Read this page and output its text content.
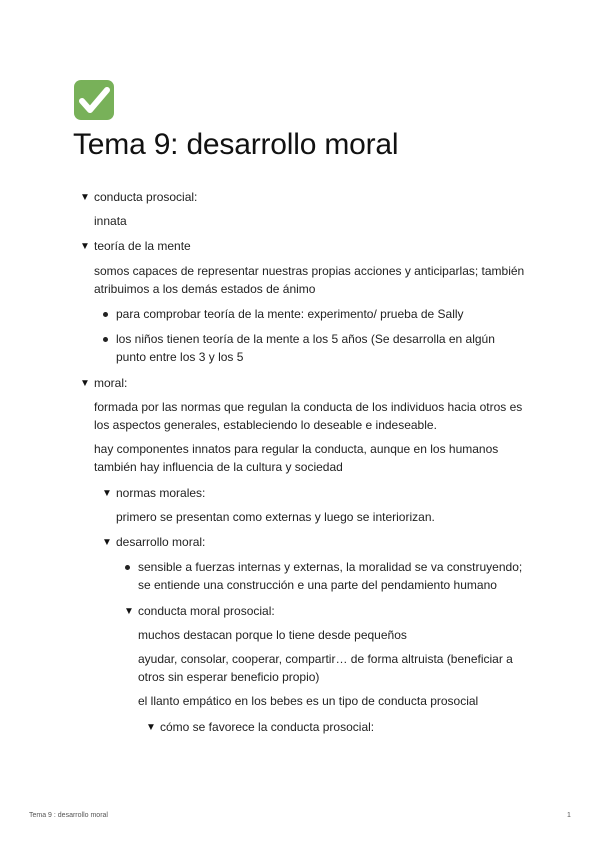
Tema 9: desarrollo moral
▼ conducta prosocial:

innata

▼ teoría de la mente

somos capaces de representar nuestras propias acciones y anticiparlas; también

atribuimos a los demás estados de ánimo

para comprobar teoría de la mente: experimento/ prueba de Sally

los niños tienen teoría de la mente a los 5 años (Se desarrolla en algún

punto entre los 3 y los 5

▼ moral:

formada por las normas que regulan la conducta de los individuos hacia otros es

los aspectos generales, estableciendo lo deseable e indeseable.

hay componentes innatos para regular la conducta, aunque en los humanos

también hay influencia de la cultura y sociedad

▼ normas morales:

primero se presentan como externas y luego se interiorizan.

▼ desarrollo moral:

sensible a fuerzas internas y externas, la moralidad se va construyendo;

se entiende una construcción e una parte del pendamiento humano

▼ conducta moral prosocial:

muchos destacan porque lo tiene desde pequeños

ayudar, consolar, cooperar, compartir… de forma altruista (beneficiar a

otros sin esperar beneficio propio)

el llanto empático en los bebes es un tipo de conducta prosocial

▼ cómo se favorece la conducta prosocial:

Tema 9 : desarrollo moral	1
